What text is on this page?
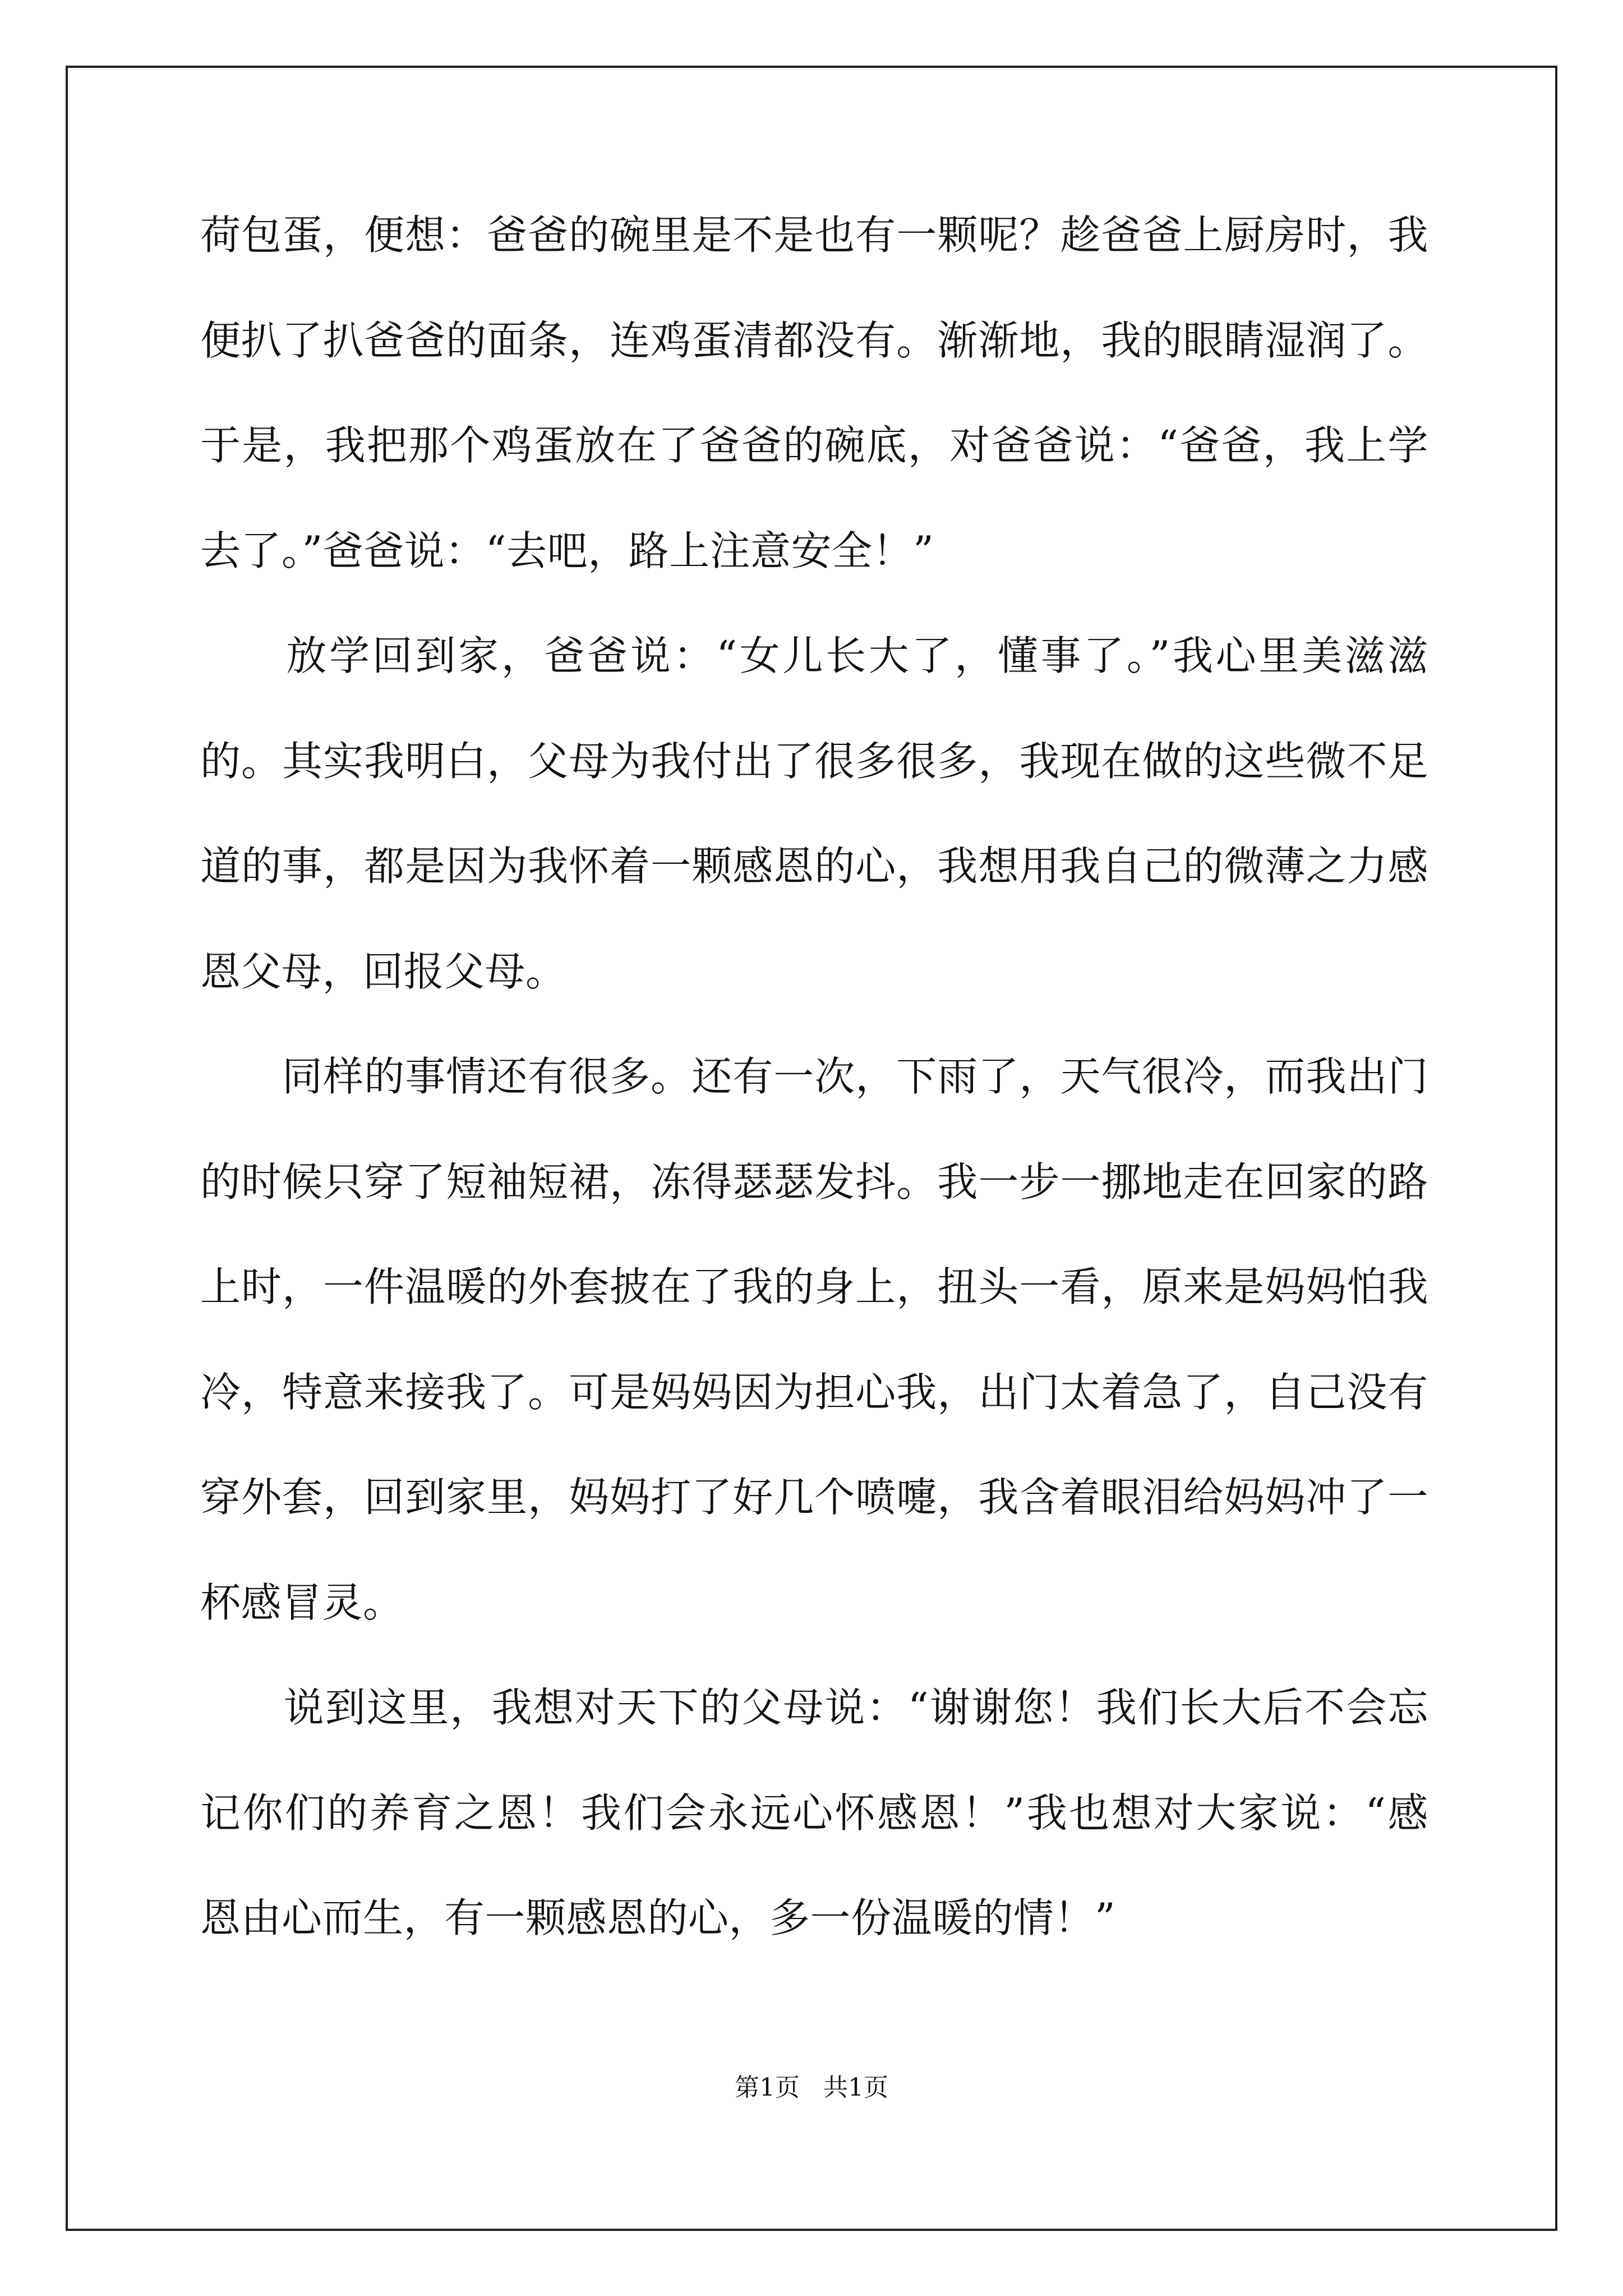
荷包蛋，便想：爸爸的碗里是不是也有一颗呢？趁爸爸上厨房时，我
便扒了扒爸爸的面条，连鸡蛋清都没有。渐渐地，我的眼睛湿润了。
于是，我把那个鸡蛋放在了爸爸的碗底，对爸爸说：“爸爸，我上学
去了。”爸爸说：“去吧，路上注意安全！”
　　放学回到家，爸爸说：“女儿长大了，懂事了。”我心里美滋滋
的。其实我明白，父母为我付出了很多很多，我现在做的这些微不足
道的事，都是因为我怀着一颗感恩的心，我想用我自己的微薄之力感
恩父母，回报父母。
　　同样的事情还有很多。还有一次，下雨了，天气很冷，而我出门
的时候只穿了短袖短裙，冻得瑟瑟发抖。我一步一挪地走在回家的路
上时，一件温暖的外套披在了我的身上，扭头一看，原来是妈妈怕我
冷，特意来接我了。可是妈妈因为担心我，出门太着急了，自己没有
穿外套，回到家里，妈妈打了好几个喷嚏，我含着眼泪给妈妈冲了一
杯感冒灵。
　　说到这里，我想对天下的父母说：“谢谢您！我们长大后不会忘
记你们的养育之恩！我们会永远心怀感恩！”我也想对大家说：“感
恩由心而生，有一颗感恩的心，多一份温暖的情！”
第1页 共1页
